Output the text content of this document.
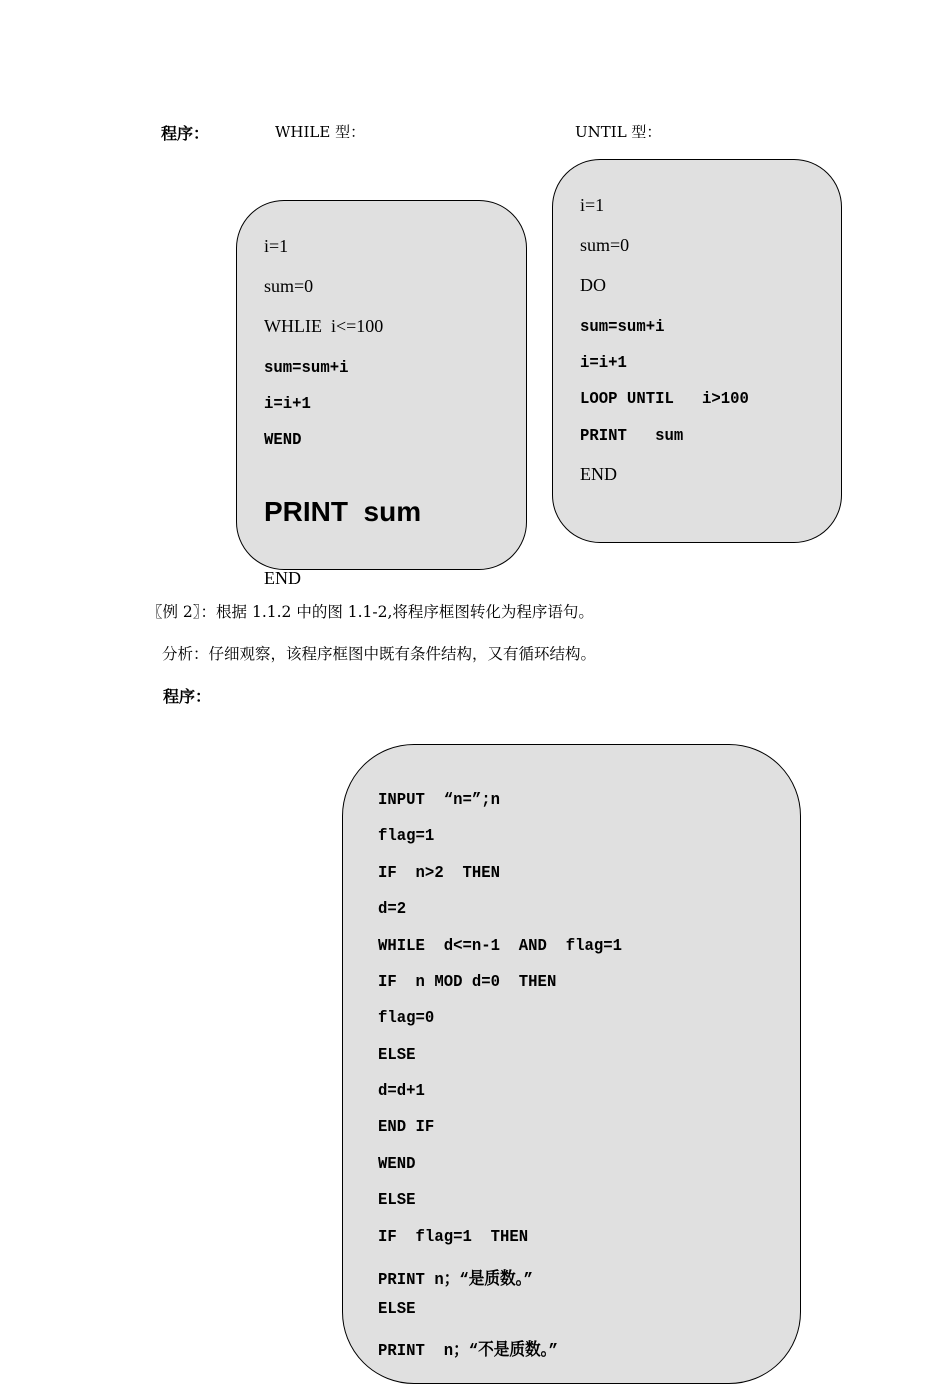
程序：	WHILE 型：	UNTIL 型：
i=1
sum=0
WHLIE  i<=100
sum=sum+i
i=i+1
WEND
PRINT  sum
END
i=1
sum=0
DO
sum=sum+i
i=i+1
LOOP UNTIL   i>100
PRINT   sum
END
〖例 2〗：根据 1.1.2 中的图 1.1-2,将程序框图转化为程序语句。
分析：仔细观察，该程序框图中既有条件结构，又有循环结构。
程序：
INPUT  “n=”;n
flag=1
IF  n>2  THEN
d=2
WHILE  d<=n-1  AND  flag=1
IF  n MOD d=0  THEN
flag=0
ELSE
d=d+1
END IF
WEND
ELSE
IF  flag=1  THEN
PRINT n；“是质数。”
ELSE
PRINT  n；“不是质数。”
